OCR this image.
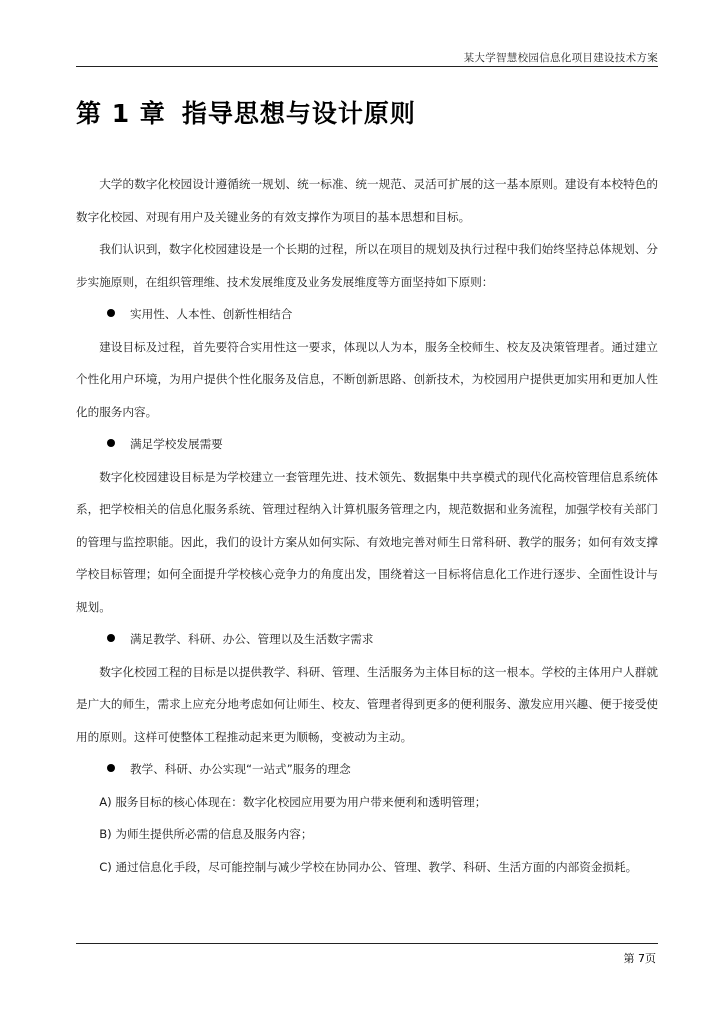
某大学智慧校园信息化项目建设技术方案
第 1 章 指导思想与设计原则

大学的数字化校园设计遵循统一规划、统一标准、统一规范、灵活可扩展的这一基本原则。建设有本校特色的数字化校园、对现有用户及关键业务的有效支撑作为项目的基本思想和目标。

我们认识到，数字化校园建设是一个长期的过程，所以在项目的规划及执行过程中我们始终坚持总体规划、分步实施原则，在组织管理维、技术发展维度及业务发展维度等方面坚持如下原则：

实用性、人本性、创新性相结合

建设目标及过程，首先要符合实用性这一要求，体现以人为本，服务全校师生、校友及决策管理者。通过建立个性化用户环境，为用户提供个性化服务及信息，不断创新思路、创新技术，为校园用户提供更加实用和更加人性化的服务内容。

满足学校发展需要

数字化校园建设目标是为学校建立一套管理先进、技术领先、数据集中共享模式的现代化高校管理信息系统体系，把学校相关的信息化服务系统、管理过程纳入计算机服务管理之内，规范数据和业务流程，加强学校有关部门的管理与监控职能。因此，我们的设计方案从如何实际、有效地完善对师生日常科研、教学的服务；如何有效支撑学校目标管理；如何全面提升学校核心竞争力的角度出发，围绕着这一目标将信息化工作进行逐步、全面性设计与规划。

满足教学、科研、办公、管理以及生活数字需求

数字化校园工程的目标是以提供教学、科研、管理、生活服务为主体目标的这一根本。学校的主体用户人群就是广大的师生，需求上应充分地考虑如何让师生、校友、管理者得到更多的便利服务、激发应用兴趣、便于接受使用的原则。这样可使整体工程推动起来更为顺畅，变被动为主动。

教学、科研、办公实现“一站式”服务的理念

A) 服务目标的核心体现在：数字化校园应用要为用户带来便利和透明管理；

B) 为师生提供所必需的信息及服务内容；

C) 通过信息化手段，尽可能控制与减少学校在协同办公、管理、教学、科研、生活方面的内部资金损耗。

第 7页
